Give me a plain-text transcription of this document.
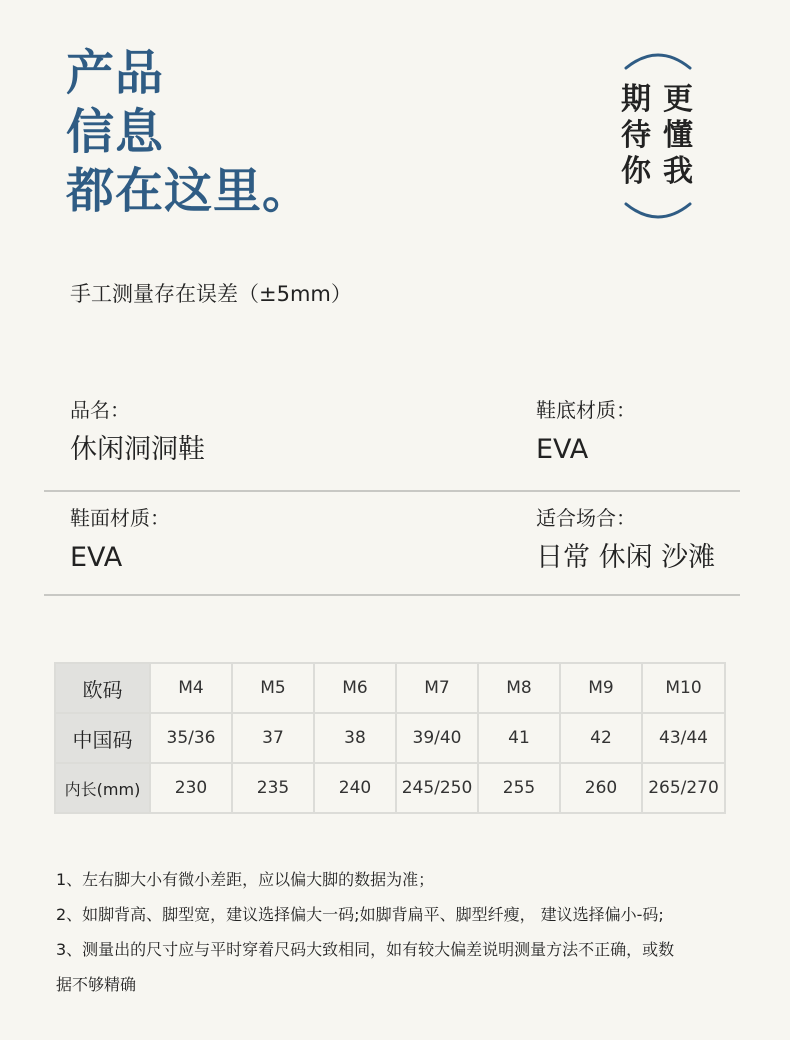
产品
信息
都在这里。
期
待
你
更
懂
我
手工测量存在误差（±5mm）
品名：
休闲洞洞鞋
鞋底材质：
EVA
鞋面材质：
EVA
适合场合：
日常 休闲 沙滩
欧码	M4	M5	M6	M7	M8	M9	M10
中国码	35/36	37	38	39/40	41	42	43/44
内长(mm)	230	235	240	245/250	255	260	265/270

1、左右脚大小有微小差距，应以偏大脚的数据为准；

2、如脚背高、脚型宽，建议选择偏大一码;如脚背扁平、脚型纤瘦， 建议选择偏小-码;

3、测量出的尺寸应与平时穿着尺码大致相同，如有较大偏差说明测量方法不正确，或数

据不够精确
